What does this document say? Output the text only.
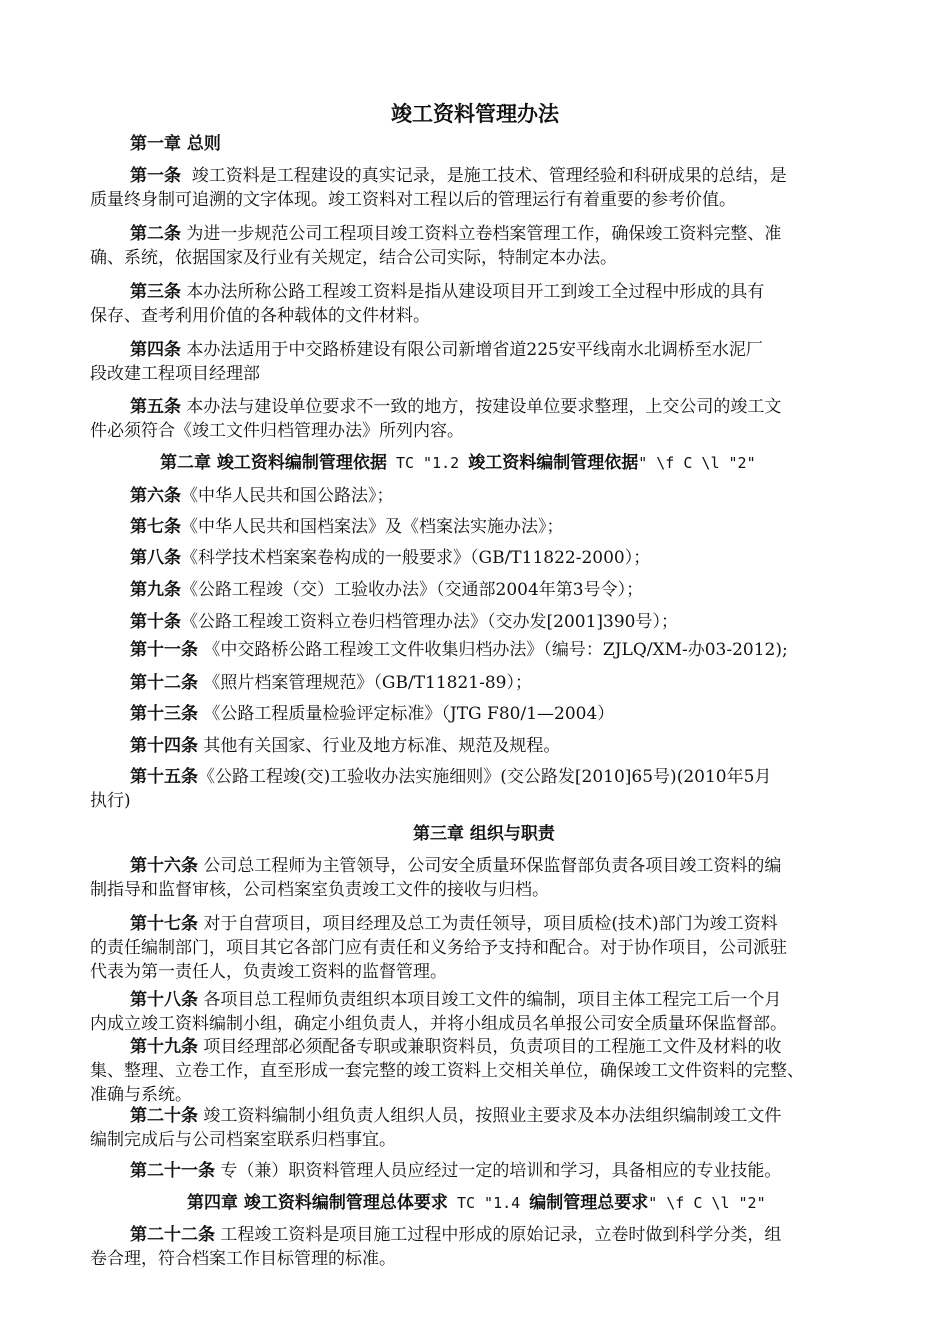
竣工资料管理办法
第一章 总则
第二章 竣工资料编制管理依据 TC "1.2 竣工资料编制管理依据" \f C \l "2"
第三章 组织与职责
第四章 竣工资料编制管理总体要求 TC "1.4 编制管理总要求" \f C \l "2"
第一条  竣工资料是工程建设的真实记录，是施工技术、管理经验和科研成果的总结，是
质量终身制可追溯的文字体现。竣工资料对工程以后的管理运行有着重要的参考价值。
第二条 为进一步规范公司工程项目竣工资料立卷档案管理工作，确保竣工资料完整、准
确、系统，依据国家及行业有关规定，结合公司实际，特制定本办法。
第三条 本办法所称公路工程竣工资料是指从建设项目开工到竣工全过程中形成的具有
保存、查考利用价值的各种载体的文件材料。
第四条 本办法适用于中交路桥建设有限公司新增省道225安平线南水北调桥至水泥厂
段改建工程项目经理部
第五条 本办法与建设单位要求不一致的地方，按建设单位要求整理，上交公司的竣工文
件必须符合《竣工文件归档管理办法》所列内容。
第六条《中华人民共和国公路法》；
第七条《中华人民共和国档案法》及《档案法实施办法》；
第八条《科学技术档案案卷构成的一般要求》（GB/T11822-2000）；
第九条《公路工程竣（交）工验收办法》（交通部2004年第3号令）；
第十条《公路工程竣工资料立卷归档管理办法》（交办发[2001]390号）；
第十一条 《中交路桥公路工程竣工文件收集归档办法》（编号：ZJLQ/XM-办03-2012);
第十二条 《照片档案管理规范》（GB/T11821-89）；
第十三条 《公路工程质量检验评定标准》（JTG F80/1—2004）
第十四条 其他有关国家、行业及地方标准、规范及规程。
第十五条《公路工程竣(交)工验收办法实施细则》(交公路发[2010]65号)(2010年5月
执行)
第十六条 公司总工程师为主管领导，公司安全质量环保监督部负责各项目竣工资料的编
制指导和监督审核，公司档案室负责竣工文件的接收与归档。
第十七条 对于自营项目，项目经理及总工为责任领导，项目质检(技术)部门为竣工资料
的责任编制部门，项目其它各部门应有责任和义务给予支持和配合。对于协作项目，公司派驻
代表为第一责任人，负责竣工资料的监督管理。
第十八条 各项目总工程师负责组织本项目竣工文件的编制，项目主体工程完工后一个月
内成立竣工资料编制小组，确定小组负责人，并将小组成员名单报公司安全质量环保监督部。
第十九条 项目经理部必须配备专职或兼职资料员，负责项目的工程施工文件及材料的收
集、整理、立卷工作，直至形成一套完整的竣工资料上交相关单位，确保竣工文件资料的完整、
准确与系统。
第二十条 竣工资料编制小组负责人组织人员，按照业主要求及本办法组织编制竣工文件
编制完成后与公司档案室联系归档事宜。
第二十一条 专（兼）职资料管理人员应经过一定的培训和学习，具备相应的专业技能。
第二十二条 工程竣工资料是项目施工过程中形成的原始记录，立卷时做到科学分类，组
卷合理，符合档案工作目标管理的标准。
